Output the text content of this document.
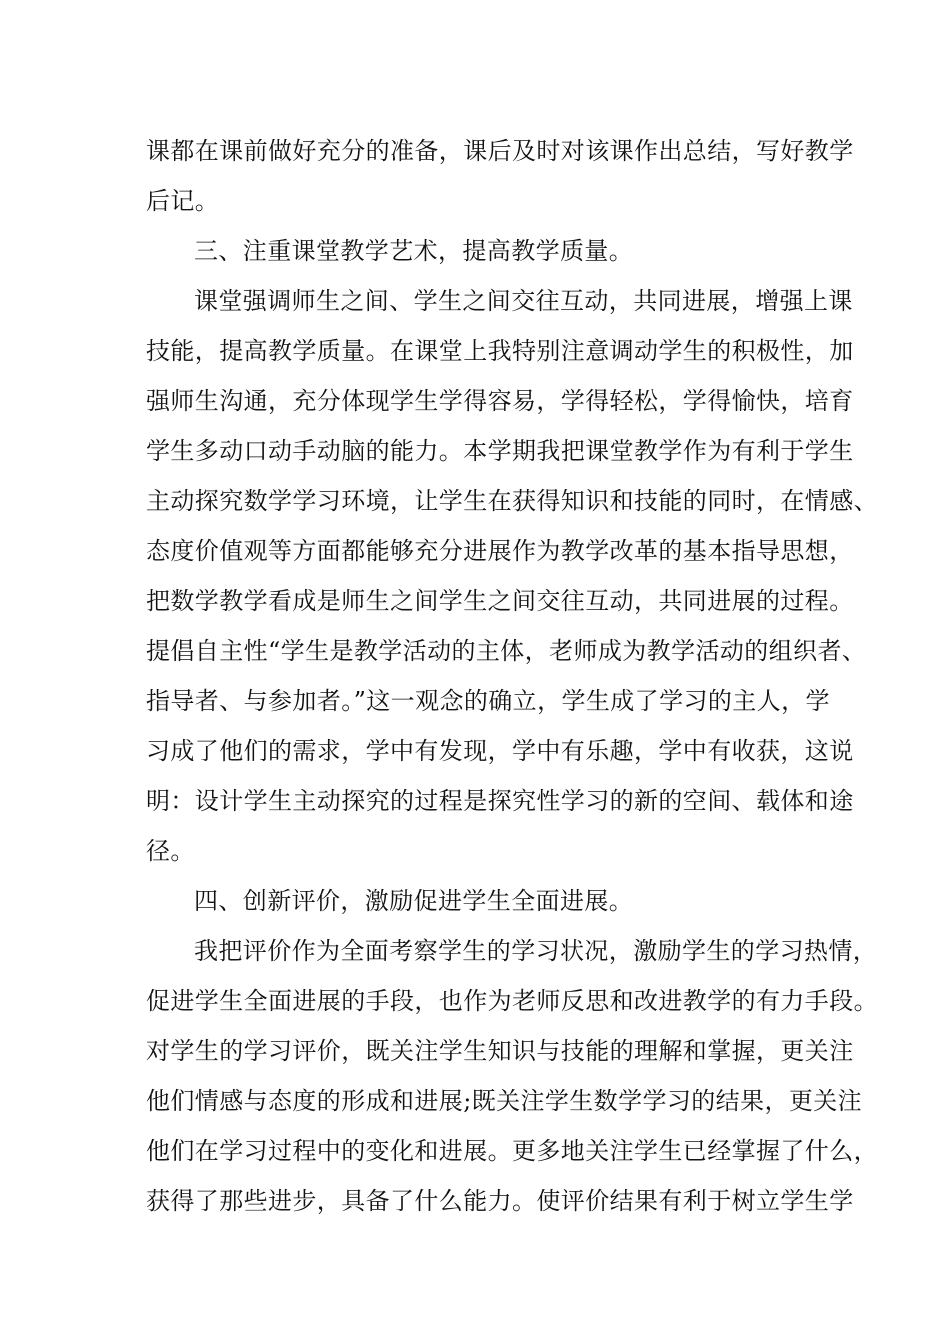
课都在课前做好充分的准备，课后及时对该课作出总结，写好教学
后记。
三、注重课堂教学艺术，提高教学质量。
课堂强调师生之间、学生之间交往互动，共同进展，增强上课
技能，提高教学质量。在课堂上我特别注意调动学生的积极性，加
强师生沟通，充分体现学生学得容易，学得轻松，学得愉快，培育
学生多动口动手动脑的能力。本学期我把课堂教学作为有利于学生
主动探究数学学习环境，让学生在获得知识和技能的同时，在情感、
态度价值观等方面都能够充分进展作为教学改革的基本指导思想，
把数学教学看成是师生之间学生之间交往互动，共同进展的过程。
提倡自主性“学生是教学活动的主体，老师成为教学活动的组织者、
指导者、与参加者。”这一观念的确立，学生成了学习的主人，学
习成了他们的需求，学中有发现，学中有乐趣，学中有收获，这说
明：设计学生主动探究的过程是探究性学习的新的空间、载体和途
径。
四、创新评价，激励促进学生全面进展。
我把评价作为全面考察学生的学习状况，激励学生的学习热情，
促进学生全面进展的手段，也作为老师反思和改进教学的有力手段。
对学生的学习评价，既关注学生知识与技能的理解和掌握，更关注
他们情感与态度的形成和进展;既关注学生数学学习的结果，更关注
他们在学习过程中的变化和进展。更多地关注学生已经掌握了什么，
获得了那些进步，具备了什么能力。使评价结果有利于树立学生学
